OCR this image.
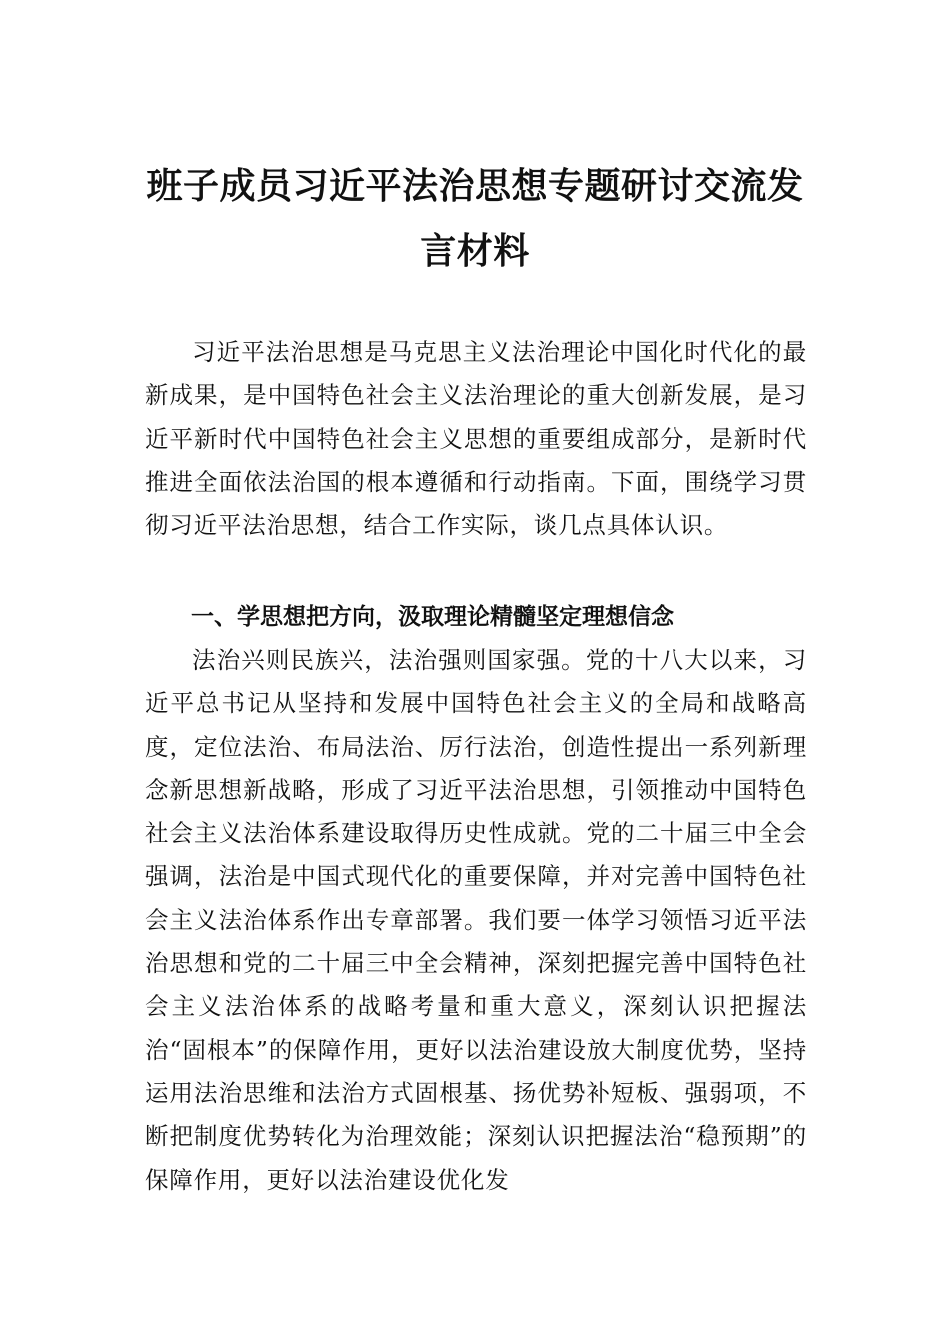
班子成员习近平法治思想专题研讨交流发
言材料

习近平法治思想是马克思主义法治理论中国化时代化的最新成果，是中国特色社会主义法治理论的重大创新发展，是习近平新时代中国特色社会主义思想的重要组成部分，是新时代推进全面依法治国的根本遵循和行动指南。下面，围绕学习贯彻习近平法治思想，结合工作实际，谈几点具体认识。

一、学思想把方向，汲取理论精髓坚定理想信念

法治兴则民族兴，法治强则国家强。党的十八大以来，习近平总书记从坚持和发展中国特色社会主义的全局和战略高度，定位法治、布局法治、厉行法治，创造性提出一系列新理念新思想新战略，形成了习近平法治思想，引领推动中国特色社会主义法治体系建设取得历史性成就。党的二十届三中全会强调，法治是中国式现代化的重要保障，并对完善中国特色社会主义法治体系作出专章部署。我们要一体学习领悟习近平法治思想和党的二十届三中全会精神，深刻把握完善中国特色社会主义法治体系的战略考量和重大意义，深刻认识把握法治“固根本”的保障作用，更好以法治建设放大制度优势，坚持运用法治思维和法治方式固根基、扬优势补短板、强弱项，不断把制度优势转化为治理效能；深刻认识把握法治“稳预期”的保障作用，更好以法治建设优化发
